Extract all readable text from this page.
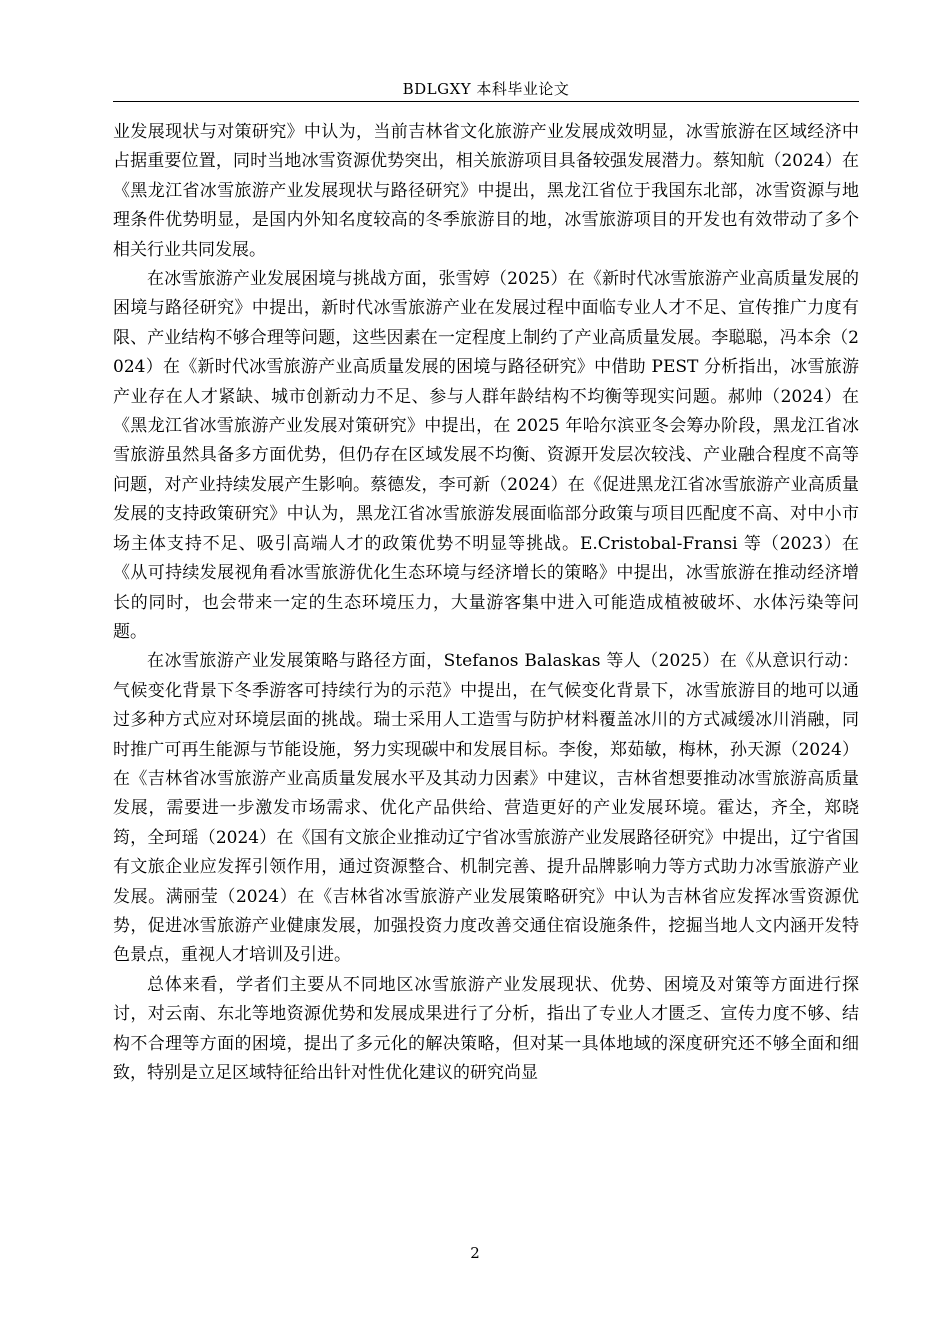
BDLGXY 本科毕业论文

业发展现状与对策研究》中认为，当前吉林省文化旅游产业发展成效明显，冰雪旅游在区域经济中占据重要位置，同时当地冰雪资源优势突出，相关旅游项目具备较强发展潜力。蔡知航（2024）在《黑龙江省冰雪旅游产业发展现状与路径研究》中提出，黑龙江省位于我国东北部，冰雪资源与地理条件优势明显，是国内外知名度较高的冬季旅游目的地，冰雪旅游项目的开发也有效带动了多个相关行业共同发展。

在冰雪旅游产业发展困境与挑战方面，张雪婷（2025）在《新时代冰雪旅游产业高质量发展的困境与路径研究》中提出，新时代冰雪旅游产业在发展过程中面临专业人才不足、宣传推广力度有限、产业结构不够合理等问题，这些因素在一定程度上制约了产业高质量发展。李聪聪，冯本余（2024）在《新时代冰雪旅游产业高质量发展的困境与路径研究》中借助 PEST 分析指出，冰雪旅游产业存在人才紧缺、城市创新动力不足、参与人群年龄结构不均衡等现实问题。郝帅（2024）在《黑龙江省冰雪旅游产业发展对策研究》中提出，在 2025 年哈尔滨亚冬会筹办阶段，黑龙江省冰雪旅游虽然具备多方面优势，但仍存在区域发展不均衡、资源开发层次较浅、产业融合程度不高等问题，对产业持续发展产生影响。蔡德发，李可新（2024）在《促进黑龙江省冰雪旅游产业高质量发展的支持政策研究》中认为，黑龙江省冰雪旅游发展面临部分政策与项目匹配度不高、对中小市场主体支持不足、吸引高端人才的政策优势不明显等挑战。E.Cristobal-Fransi 等（2023）在《从可持续发展视角看冰雪旅游优化生态环境与经济增长的策略》中提出，冰雪旅游在推动经济增长的同时，也会带来一定的生态环境压力，大量游客集中进入可能造成植被破坏、水体污染等问题。

在冰雪旅游产业发展策略与路径方面，Stefanos Balaskas 等人（2025）在《从意识行动：气候变化背景下冬季游客可持续行为的示范》中提出，在气候变化背景下，冰雪旅游目的地可以通过多种方式应对环境层面的挑战。瑞士采用人工造雪与防护材料覆盖冰川的方式减缓冰川消融，同时推广可再生能源与节能设施，努力实现碳中和发展目标。李俊，郑茹敏，梅林，孙天源（2024）在《吉林省冰雪旅游产业高质量发展水平及其动力因素》中建议，吉林省想要推动冰雪旅游高质量发展，需要进一步激发市场需求、优化产品供给、营造更好的产业发展环境。霍达，齐全，郑晓筠，全珂瑶（2024）在《国有文旅企业推动辽宁省冰雪旅游产业发展路径研究》中提出，辽宁省国有文旅企业应发挥引领作用，通过资源整合、机制完善、提升品牌影响力等方式助力冰雪旅游产业发展。满丽莹（2024）在《吉林省冰雪旅游产业发展策略研究》中认为吉林省应发挥冰雪资源优势，促进冰雪旅游产业健康发展，加强投资力度改善交通住宿设施条件，挖掘当地人文内涵开发特色景点，重视人才培训及引进。

总体来看，学者们主要从不同地区冰雪旅游产业发展现状、优势、困境及对策等方面进行探讨，对云南、东北等地资源优势和发展成果进行了分析，指出了专业人才匮乏、宣传力度不够、结构不合理等方面的困境，提出了多元化的解决策略，但对某一具体地域的深度研究还不够全面和细致，特别是立足区域特征给出针对性优化建议的研究尚显

2
